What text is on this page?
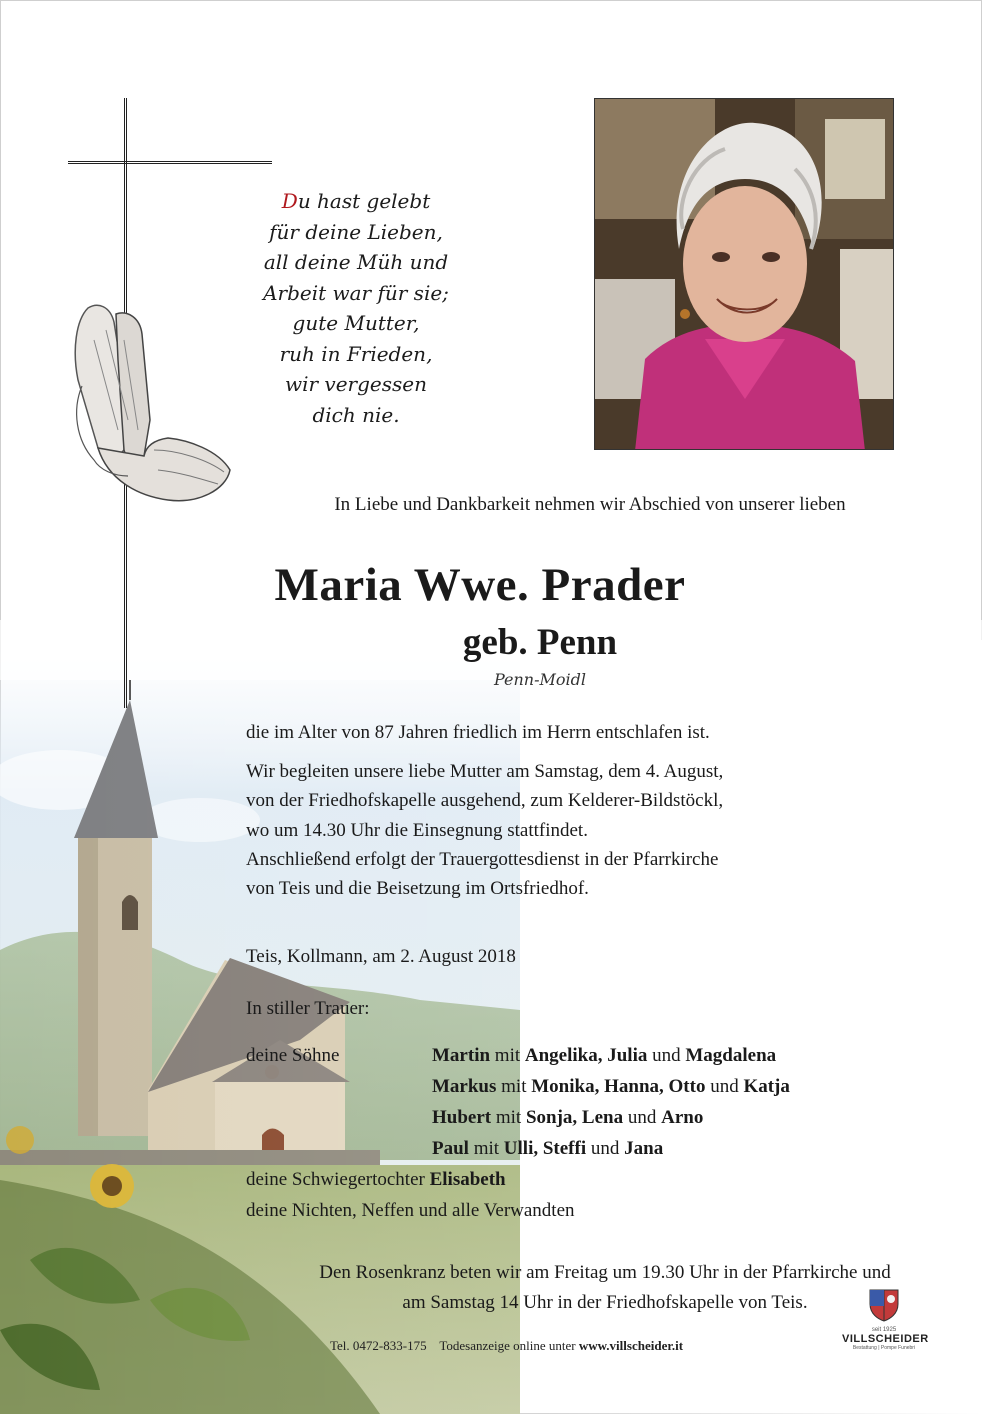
Du hast gelebt
für deine Lieben,
all deine Müh und
Arbeit war für sie;
gute Mutter,
ruh in Frieden,
wir vergessen
dich nie.
In Liebe und Dankbarkeit nehmen wir Abschied von unserer lieben
Maria Wwe. Prader
geb. Penn
Penn-Moidl
die im Alter von 87 Jahren friedlich im Herrn entschlafen ist.
Wir begleiten unsere liebe Mutter am Samstag, dem 4. August,
von der Friedhofskapelle ausgehend, zum Kelderer-Bildstöckl,
wo um 14.30 Uhr die Einsegnung stattfindet.
Anschließend erfolgt der Trauergottesdienst in der Pfarrkirche
von Teis und die Beisetzung im Ortsfriedhof.
Teis, Kollmann, am 2. August 2018
In stiller Trauer:
deine Söhne	Martin mit Angelika, Julia und Magdalena
Markus mit Monika, Hanna, Otto und Katja
Hubert mit Sonja, Lena und Arno
Paul mit Ulli, Steffi und Jana
deine Schwiegertochter Elisabeth
deine Nichten, Neffen und alle Verwandten
Den Rosenkranz beten wir am Freitag um 19.30 Uhr in der Pfarrkirche und
am Samstag 14 Uhr in der Friedhofskapelle von Teis.
Tel. 0472-833-175 Todesanzeige online unter www.villscheider.it
seit 1925
VILLSCHEIDER
Bestattung | Pompe Funebri
